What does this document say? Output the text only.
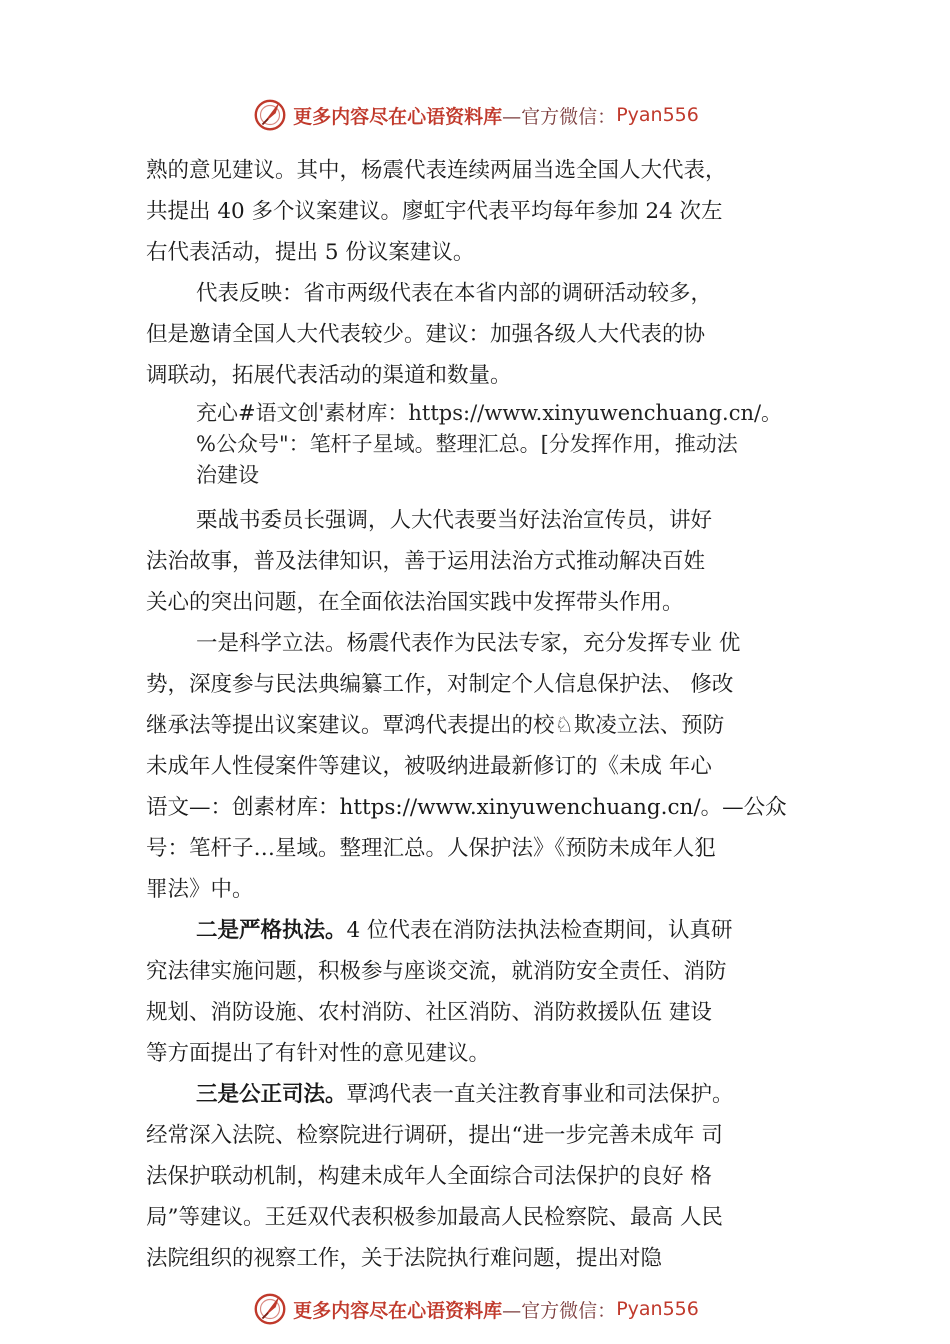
更多内容尽在心语资料库 —官方微信： Pyan556

熟的意见建议。其中，杨震代表连续两届当选全国人大代表，

共提出 40 多个议案建议。廖虹宇代表平均每年参加 24 次左

右代表活动，提出 5 份议案建议。

代表反映：省市两级代表在本省内部的调研活动较多，

但是邀请全国人大代表较少。建议：加强各级人大代表的协

调联动，拓展代表活动的渠道和数量。

充心#语文创'素材库：https://www.xinyuwenchuang.cn/。

%公众号"：笔杆子星域。整理汇总。[分发挥作用，推动法

治建设

栗战书委员长强调，人大代表要当好法治宣传员，讲好

法治故事，普及法律知识，善于运用法治方式推动解决百姓

关心的突出问题，在全面依法治国实践中发挥带头作用。

一是科学立法。杨震代表作为民法专家，充分发挥专业 优

势，深度参与民法典编纂工作，对制定个人信息保护法、 修改

继承法等提出议案建议。覃鸿代表提出的校♘欺凌立法、预防

未成年人性侵案件等建议，被吸纳进最新修订的《未成 年心

语文—：创素材库：https://www.xinyuwenchuang.cn/。—公众

号：笔杆子…星域。整理汇总。人保护法》《预防未成年人犯

罪法》中。

二是严格执法。4 位代表在消防法执法检查期间，认真研

究法律实施问题，积极参与座谈交流，就消防安全责任、消防

规划、消防设施、农村消防、社区消防、消防救援队伍 建设

等方面提出了有针对性的意见建议。

三是公正司法。覃鸿代表一直关注教育事业和司法保护。

经常深入法院、检察院进行调研，提出“进一步完善未成年 司

法保护联动机制，构建未成年人全面综合司法保护的良好 格

局”等建议。王廷双代表积极参加最高人民检察院、最高 人民

法院组织的视察工作，关于法院执行难问题，提出对隐

更多内容尽在心语资料库 —官方微信： Pyan556
